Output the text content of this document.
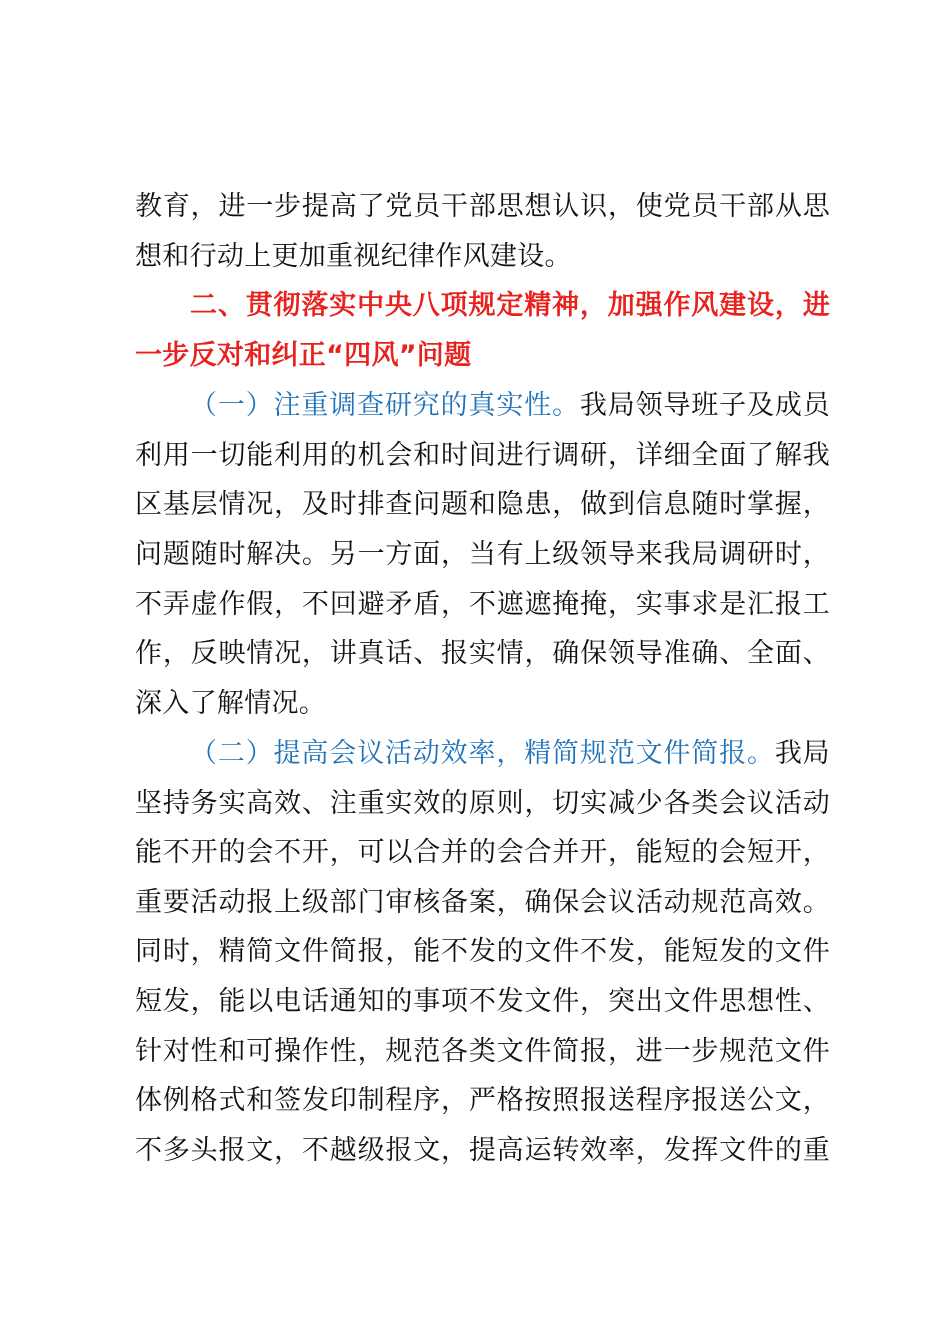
教育，进一步提高了党员干部思想认识，使党员干部从思
想和行动上更加重视纪律作风建设。
二、贯彻落实中央八项规定精神，加强作风建设，进
一步反对和纠正“四风”问题
（一）注重调查研究的真实性。我局领导班子及成员
利用一切能利用的机会和时间进行调研，详细全面了解我
区基层情况，及时排查问题和隐患，做到信息随时掌握，
问题随时解决。另一方面，当有上级领导来我局调研时，
不弄虚作假，不回避矛盾，不遮遮掩掩，实事求是汇报工
作，反映情况，讲真话、报实情，确保领导准确、全面、
深入了解情况。
（二）提高会议活动效率，精简规范文件简报。我局
坚持务实高效、注重实效的原则，切实减少各类会议活动
能不开的会不开，可以合并的会合并开，能短的会短开，
重要活动报上级部门审核备案，确保会议活动规范高效。
同时，精简文件简报，能不发的文件不发，能短发的文件
短发，能以电话通知的事项不发文件，突出文件思想性、
针对性和可操作性，规范各类文件简报，进一步规范文件
体例格式和签发印制程序，严格按照报送程序报送公文，
不多头报文，不越级报文，提高运转效率，发挥文件的重
